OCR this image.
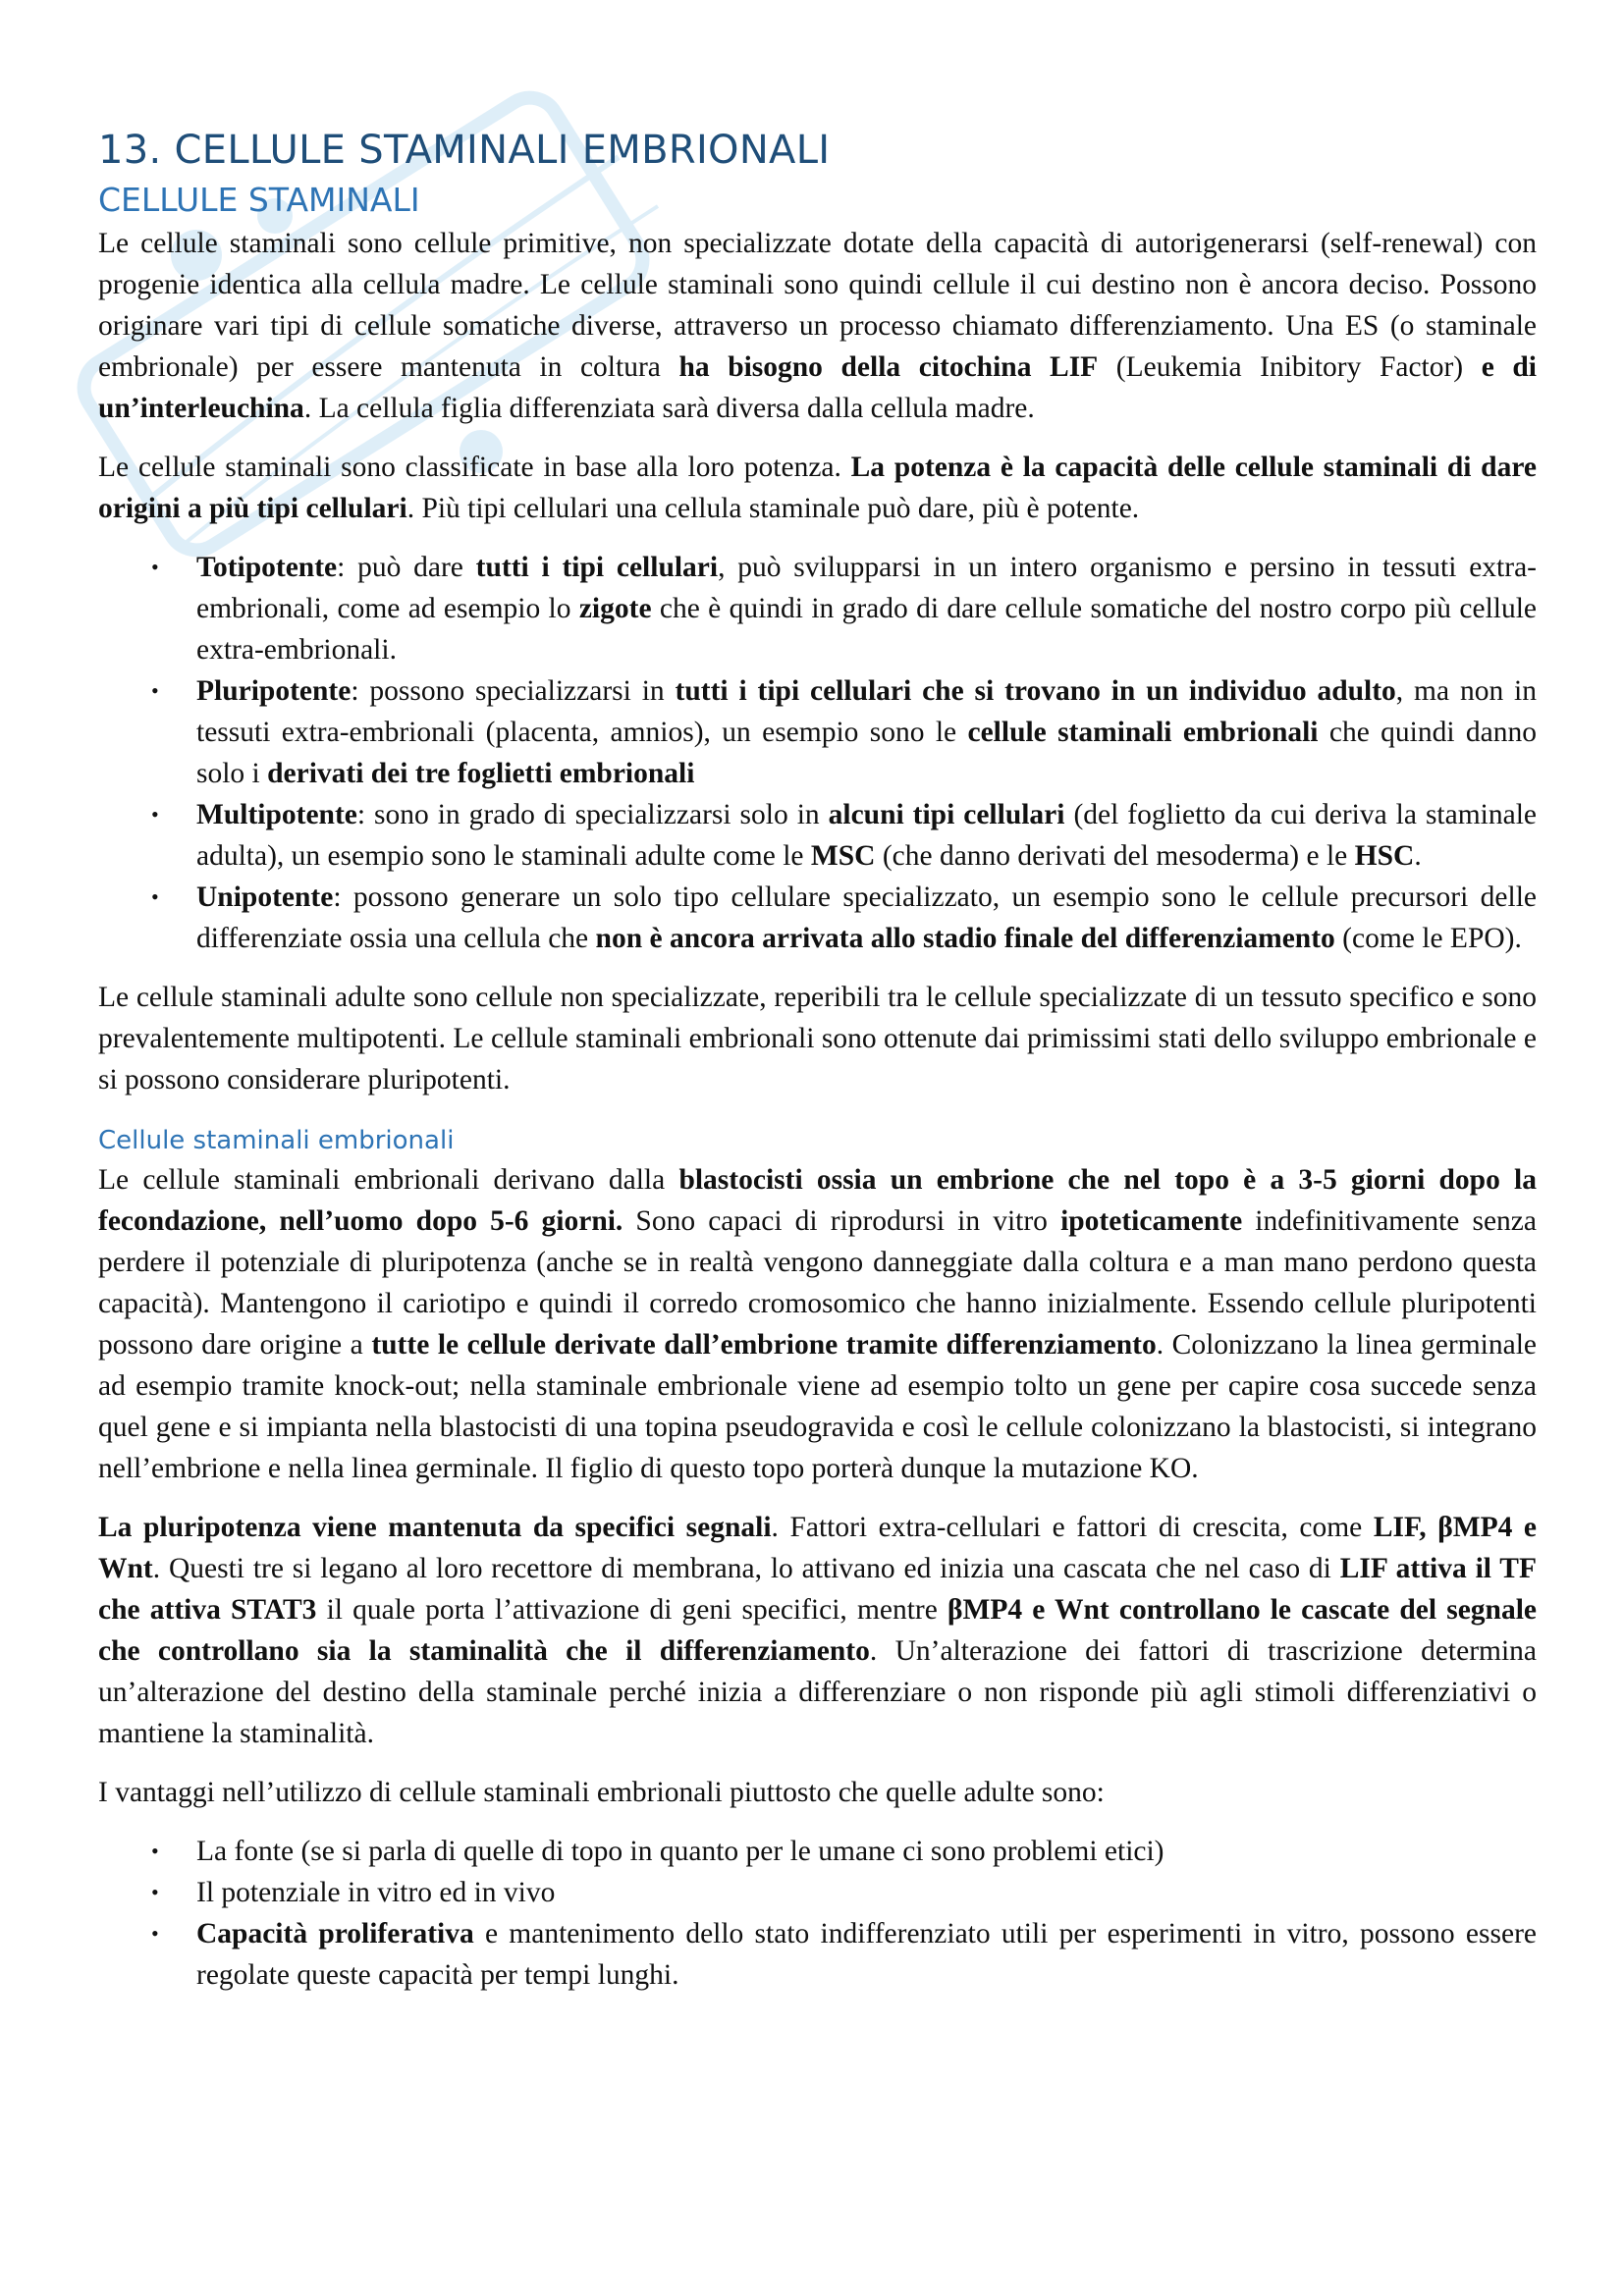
13. CELLULE STAMINALI EMBRIONALI
CELLULE STAMINALI

Le cellule staminali sono cellule primitive, non specializzate dotate della capacità di autorigenerarsi (self-renewal) con progenie identica alla cellula madre. Le cellule staminali sono quindi cellule il cui destino non è ancora deciso. Possono originare vari tipi di cellule somatiche diverse, attraverso un processo chiamato differenziamento. Una ES (o staminale embrionale) per essere mantenuta in coltura ha bisogno della citochina LIF (Leukemia Inibitory Factor) e di un’interleuchina. La cellula figlia differenziata sarà diversa dalla cellula madre.

Le cellule staminali sono classificate in base alla loro potenza. La potenza è la capacità delle cellule staminali di dare origini a più tipi cellulari. Più tipi cellulari una cellula staminale può dare, più è potente.

• Totipotente: può dare tutti i tipi cellulari, può svilupparsi in un intero organismo e persino in tessuti extra-embrionali, come ad esempio lo zigote che è quindi in grado di dare cellule somatiche del nostro corpo più cellule extra-embrionali.
• Pluripotente: possono specializzarsi in tutti i tipi cellulari che si trovano in un individuo adulto, ma non in tessuti extra-embrionali (placenta, amnios), un esempio sono le cellule staminali embrionali che quindi danno solo i derivati dei tre foglietti embrionali
• Multipotente: sono in grado di specializzarsi solo in alcuni tipi cellulari (del foglietto da cui deriva la staminale adulta), un esempio sono le staminali adulte come le MSC (che danno derivati del mesoderma) e le HSC.
• Unipotente: possono generare un solo tipo cellulare specializzato, un esempio sono le cellule precursori delle differenziate ossia una cellula che non è ancora arrivata allo stadio finale del differenziamento (come le EPO).

Le cellule staminali adulte sono cellule non specializzate, reperibili tra le cellule specializzate di un tessuto specifico e sono prevalentemente multipotenti. Le cellule staminali embrionali sono ottenute dai primissimi stati dello sviluppo embrionale e si possono considerare pluripotenti.

Cellule staminali embrionali

Le cellule staminali embrionali derivano dalla blastocisti ossia un embrione che nel topo è a 3-5 giorni dopo la fecondazione, nell’uomo dopo 5-6 giorni. Sono capaci di riprodursi in vitro ipoteticamente indefinitivamente senza perdere il potenziale di pluripotenza (anche se in realtà vengono danneggiate dalla coltura e a man mano perdono questa capacità). Mantengono il cariotipo e quindi il corredo cromosomico che hanno inizialmente. Essendo cellule pluripotenti possono dare origine a tutte le cellule derivate dall’embrione tramite differenziamento. Colonizzano la linea germinale ad esempio tramite knock-out; nella staminale embrionale viene ad esempio tolto un gene per capire cosa succede senza quel gene e si impianta nella blastocisti di una topina pseudogravida e così le cellule colonizzano la blastocisti, si integrano nell’embrione e nella linea germinale. Il figlio di questo topo porterà dunque la mutazione KO.

La pluripotenza viene mantenuta da specifici segnali. Fattori extra-cellulari e fattori di crescita, come LIF, βMP4 e Wnt. Questi tre si legano al loro recettore di membrana, lo attivano ed inizia una cascata che nel caso di LIF attiva il TF che attiva STAT3 il quale porta l’attivazione di geni specifici, mentre βMP4 e Wnt controllano le cascate del segnale che controllano sia la staminalità che il differenziamento. Un’alterazione dei fattori di trascrizione determina un’alterazione del destino della staminale perché inizia a differenziare o non risponde più agli stimoli differenziativi o mantiene la staminalità.

I vantaggi nell’utilizzo di cellule staminali embrionali piuttosto che quelle adulte sono:

• La fonte (se si parla di quelle di topo in quanto per le umane ci sono problemi etici)
• Il potenziale in vitro ed in vivo
• Capacità proliferativa e mantenimento dello stato indifferenziato utili per esperimenti in vitro, possono essere regolate queste capacità per tempi lunghi.
